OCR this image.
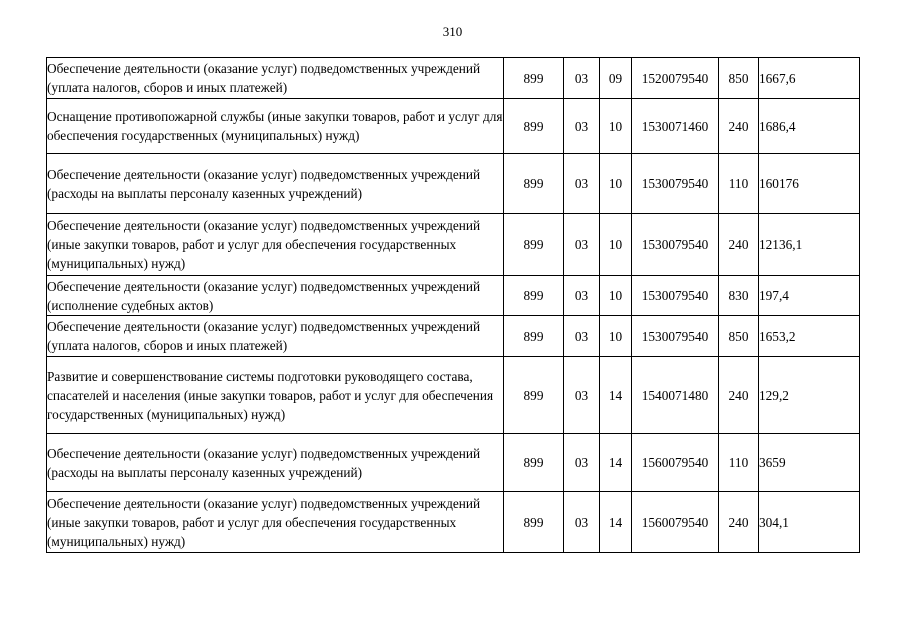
310
Обеспечение деятельности (оказание услуг) подведомственных учреждений (уплата налогов, сборов и иных платежей)	899	03	09	1520079540	850	1667,6
Оснащение противопожарной службы (иные закупки товаров, работ и услуг для обеспечения государственных (муниципальных) нужд)	899	03	10	1530071460	240	1686,4
Обеспечение деятельности (оказание услуг) подведомственных учреждений (расходы на выплаты персоналу казенных учреждений)	899	03	10	1530079540	110	160176
Обеспечение деятельности (оказание услуг) подведомственных учреждений (иные закупки товаров, работ и услуг для обеспечения государственных (муниципальных) нужд)	899	03	10	1530079540	240	12136,1
Обеспечение деятельности (оказание услуг) подведомственных учреждений (исполнение судебных актов)	899	03	10	1530079540	830	197,4
Обеспечение деятельности (оказание услуг) подведомственных учреждений (уплата налогов, сборов и иных платежей)	899	03	10	1530079540	850	1653,2
Развитие и совершенствование системы подготовки руководящего состава, спасателей и населения (иные закупки товаров, работ и услуг для обеспечения государственных (муниципальных) нужд)	899	03	14	1540071480	240	129,2
Обеспечение деятельности (оказание услуг) подведомственных учреждений (расходы на выплаты персоналу казенных учреждений)	899	03	14	1560079540	110	3659
Обеспечение деятельности (оказание услуг) подведомственных учреждений (иные закупки товаров, работ и услуг для обеспечения государственных (муниципальных) нужд)	899	03	14	1560079540	240	304,1
